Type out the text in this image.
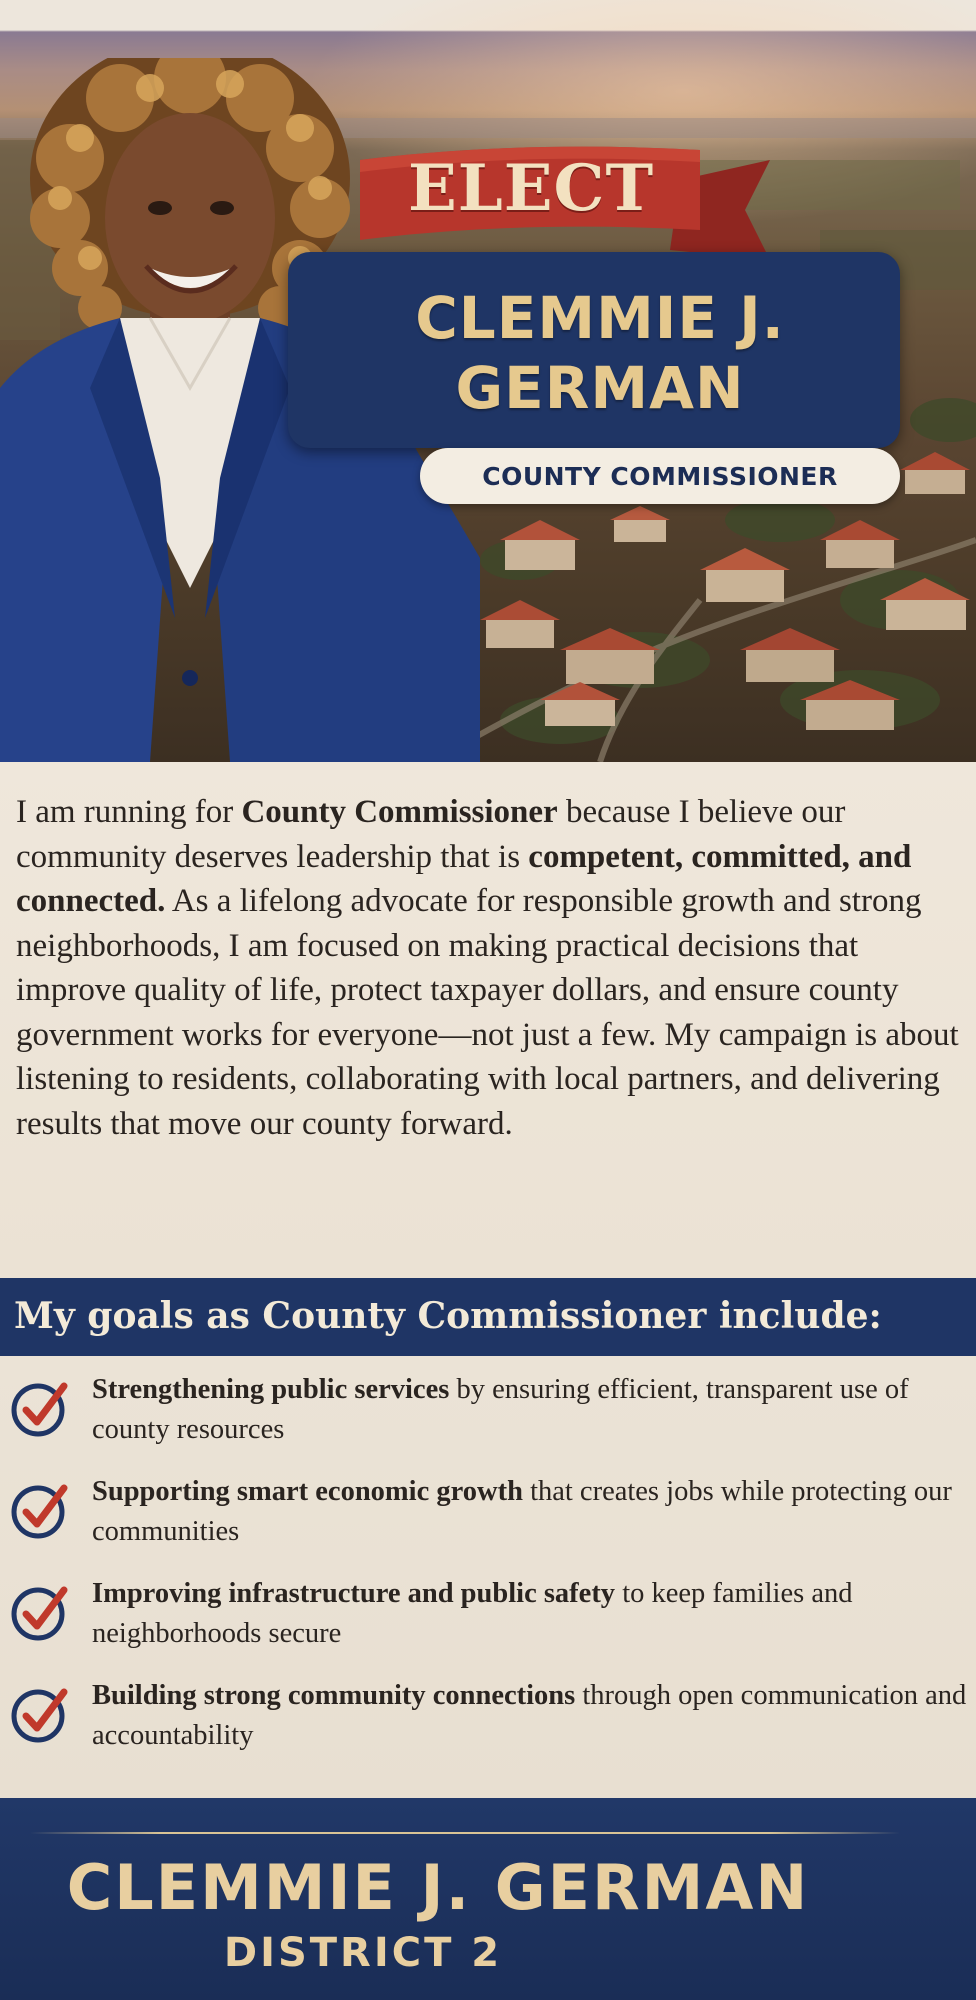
ELECT
CLEMMIE J.
GERMAN
COUNTY COMMISSIONER

I am running for County Commissioner because I believe our community deserves leadership that is competent, committed, and connected. As a lifelong advocate for responsible growth and strong neighborhoods, I am focused on making practical decisions that improve quality of life, protect taxpayer dollars, and ensure county government works for everyone—not just a few. My campaign is about listening to residents, collaborating with local partners, and delivering results that move our county forward.

My goals as County Commissioner include:
Strengthening public services by ensuring efficient, transparent use of county resources
Supporting smart economic growth that creates jobs while protecting our communities
Improving infrastructure and public safety to keep families and neighborhoods secure
Building strong community connections through open communication and accountability
CLEMMIE J. GERMAN
DISTRICT 2
